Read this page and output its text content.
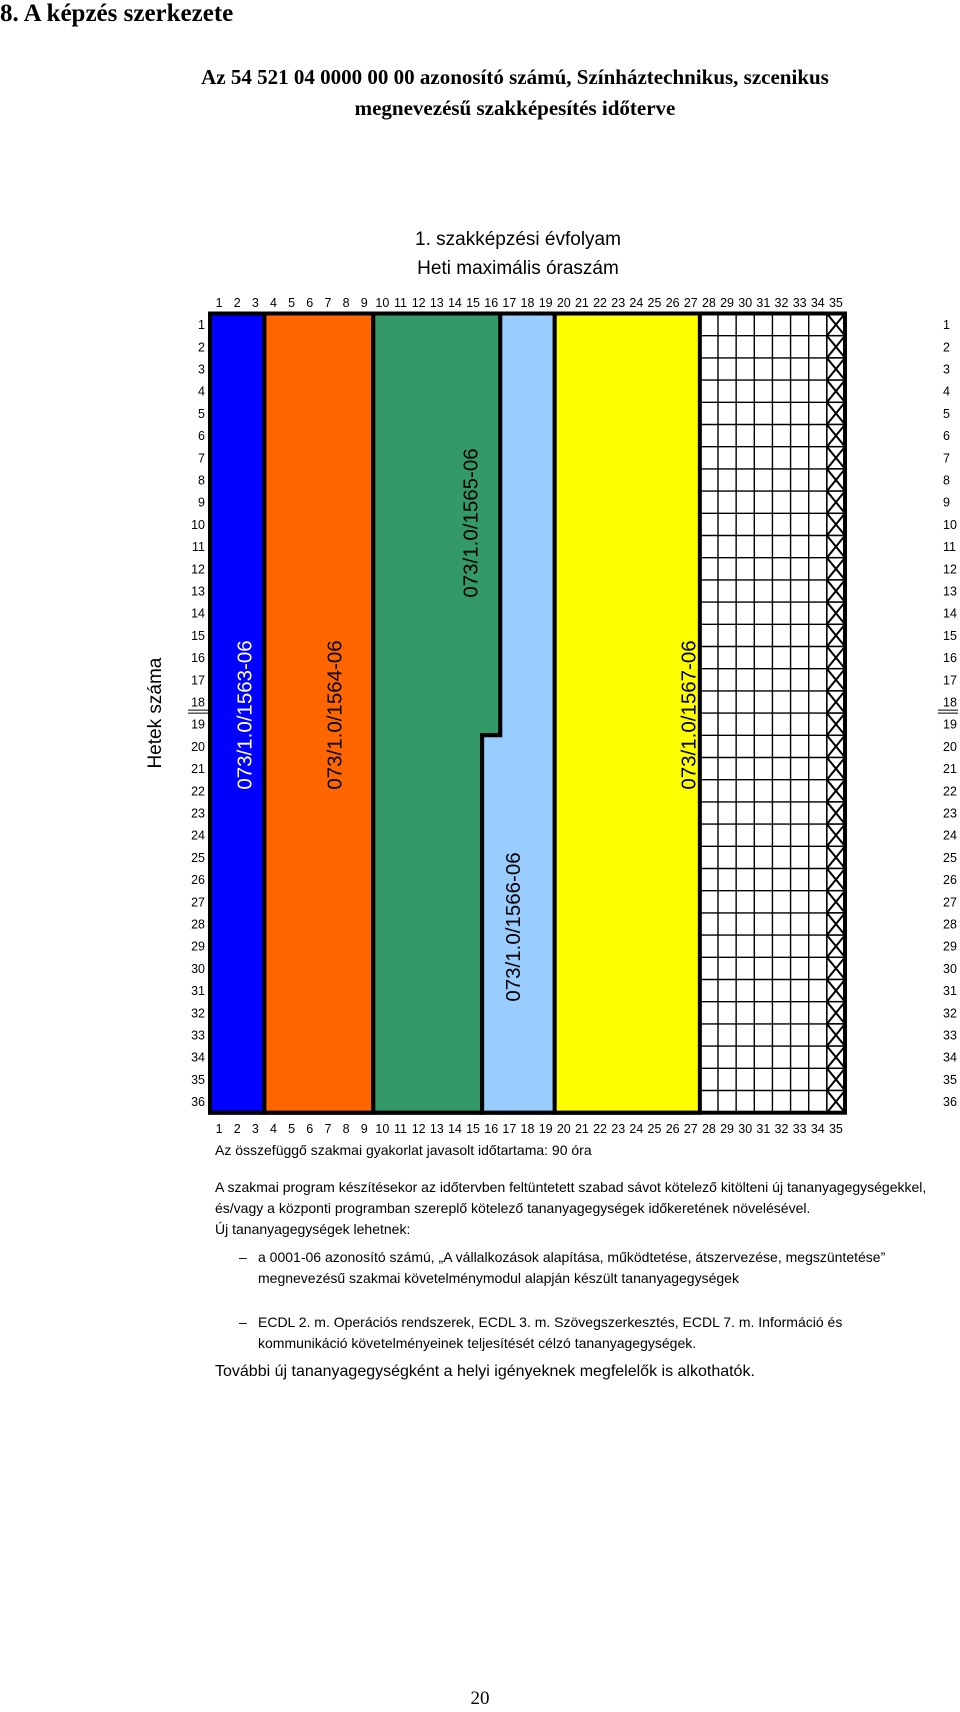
8. A képzés szerkezete
Az 54 521 04 0000 00 00 azonosító számú, Színháztechnikus, szcenikus
megnevezésű szakképesítés időterve
1. szakképzési évfolyam
Heti maximális óraszám
1
1
2
2
3
3
4
4
5
5
6
6
7
7
8
8
9
9
10
10
11
11
12
12
13
13
14
14
15
15
16
16
17
17
18
18
19
19
20
20
21
21
22
22
23
23
24
24
25
25
26
26
27
27
28
28
29
29
30
30
31
31
32
32
33
33
34
34
35
35
1	1
2	2
3	3
4	4
5	5
6	6
7	7
8	8
9	9
10	10
11	11
12	12
13	13
14	14
15	15
16	16
17	17
18	18
19	19
20	20
21	21
22	22
23	23
24	24
25	25
26	26
27	27
28	28
29	29
30	30
31	31
32	32
33	33
34	34
35	35
36	36
Hetek száma	073/1.0/1563-06	073/1.0/1564-06
073/1.0/1565-06
073/1.0/1566-06
073/1.0/1567-06

Az összefüggő szakmai gyakorlat javasolt időtartama: 90 óra

A szakmai program készítésekor az időtervben feltüntetett szabad sávot kötelező kitölteni új tananyagegységekkel, és/vagy a központi programban szereplő kötelező tananyagegységek időkeretének növelésével.

Új tananyagegységek lehetnek:

– a 0001-06 azonosító számú, „A vállalkozások alapítása, működtetése, átszervezése, megszüntetése” megnevezésű szakmai követelménymodul alapján készült tananyagegységek
– ECDL 2. m. Operációs rendszerek, ECDL 3. m. Szövegszerkesztés, ECDL 7. m. Információ és kommunikáció követelményeinek teljesítését célzó tananyagegységek.

További új tananyagegységként a helyi igényeknek megfelelők is alkothatók.

20
